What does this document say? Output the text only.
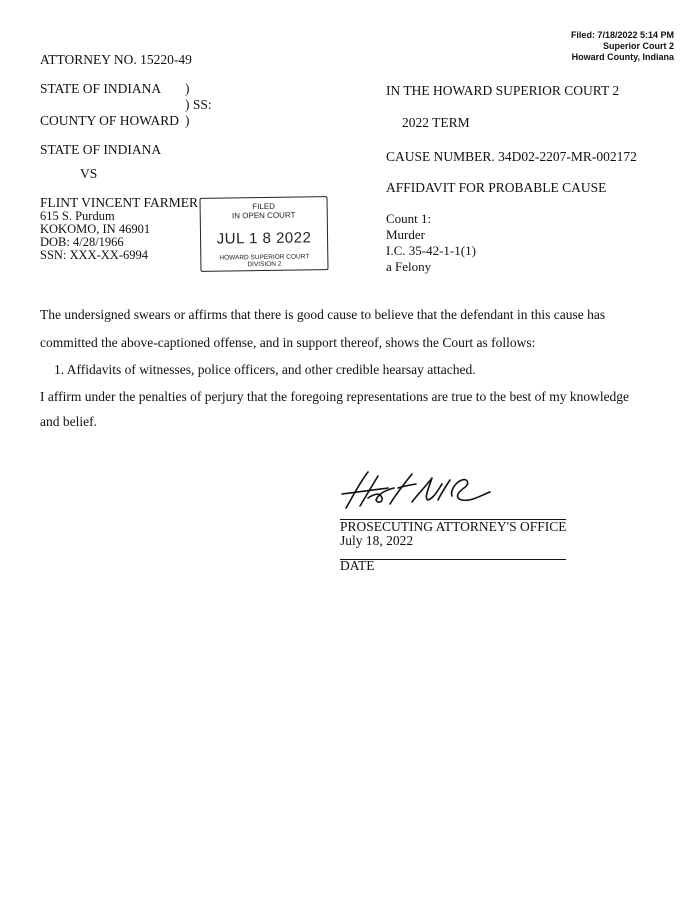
Filed: 7/18/2022 5:14 PM
Superior Court 2
Howard County, Indiana
ATTORNEY NO. 15220-49
STATE OF INDIANA )
) SS:
COUNTY OF HOWARD )
STATE OF INDIANA
VS
FLINT VINCENT FARMER
615 S. Purdum
KOKOMO, IN 46901
DOB: 4/28/1966
SSN: XXX-XX-6994
FILED
IN OPEN COURT
JUL 1 8 2022
HOWARD SUPERIOR COURT
DIVISION 2
IN THE HOWARD SUPERIOR COURT 2
2022 TERM
CAUSE NUMBER. 34D02-2207-MR-002172
AFFIDAVIT FOR PROBABLE CAUSE
Count 1:
Murder
I.C. 35-42-1-1(1)
a Felony
The undersigned swears or affirms that there is good cause to believe that the defendant in this cause has
committed the above-captioned offense, and in support thereof, shows the Court as follows:
1. Affidavits of witnesses, police officers, and other credible hearsay attached.
I affirm under the penalties of perjury that the foregoing representations are true to the best of my knowledge
and belief.
PROSECUTING ATTORNEY'S OFFICE
July 18, 2022
DATE
